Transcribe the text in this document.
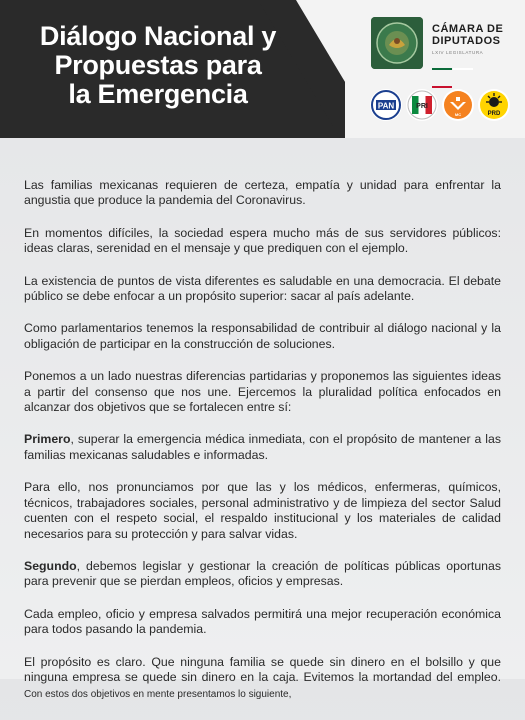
Diálogo Nacional y
Propuestas para
la Emergencia
CÁMARA DE
DIPUTADOS
LXIV LEGISLATURA
PAN	PRI
MC	PRD

Las familias mexicanas requieren de certeza, empatía y unidad para enfrentar la angustia que produce la pandemia del Coronavirus.

En momentos difíciles, la sociedad espera mucho más de sus servidores públicos: ideas claras, serenidad en el mensaje y que prediquen con el ejemplo.

La existencia de puntos de vista diferentes es saludable en una democracia. El debate público se debe enfocar a un propósito superior: sacar al país adelante.

Como parlamentarios tenemos la responsabilidad de contribuir al diálogo nacional y la obligación de participar en la construcción de soluciones.

Ponemos a un lado nuestras diferencias partidarias y proponemos las siguientes ideas a partir del consenso que nos une. Ejercemos la pluralidad política enfocados en alcanzar dos objetivos que se fortalecen entre sí:

Primero, superar la emergencia médica inmediata, con el propósito de mantener a las familias mexicanas saludables e informadas.

Para ello, nos pronunciamos por que las y los médicos, enfermeras, químicos, técnicos, trabajadores sociales, personal administrativo y de limpieza del sector Salud cuenten con el respeto social, el respaldo institucional y los materiales de calidad necesarios para su protección y para salvar vidas.

Segundo, debemos legislar y gestionar la creación de políticas públicas oportunas para prevenir que se pierdan empleos, oficios y empresas.

Cada empleo, oficio y empresa salvados permitirá una mejor recuperación económica para todos pasando la pandemia.

El propósito es claro. Que ninguna familia se quede sin dinero en el bolsillo y que ninguna empresa se quede sin dinero en la caja. Evitemos la mortandad del empleo. Con estos dos objetivos en mente presentamos lo siguiente,
